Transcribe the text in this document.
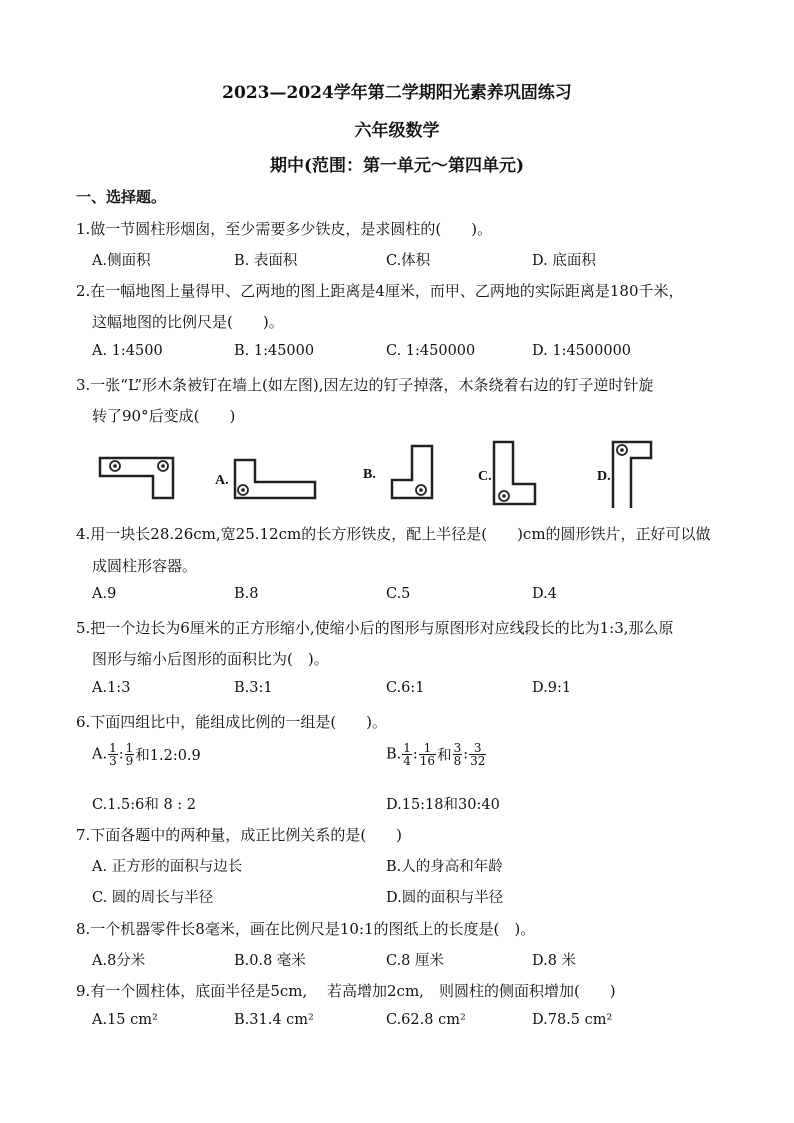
2023—2024学年第二学期阳光素养巩固练习
六年级数学
期中(范围：第一单元～第四单元)
一、选择题。
1.做一节圆柱形烟囱，至少需要多少铁皮，是求圆柱的(　　)。
A.侧面积	B. 表面积	C.体积	D. 底面积
2.在一幅地图上量得甲、乙两地的图上距离是4厘米，而甲、乙两地的实际距离是180千米，
这幅地图的比例尺是(　　)。
A. 1:4500	B. 1:45000	C. 1:450000	D. 1:4500000
3.一张“L”形木条被钉在墙上(如左图),因左边的钉子掉落，木条绕着右边的钉子逆时针旋
转了90°后变成(　　)
A.	B.	C.	D.
4.用一块长28.26cm,宽25.12cm的长方形铁皮，配上半径是(　　)cm的圆形铁片，正好可以做
成圆柱形容器。
A.9	B.8	C.5	D.4
5.把一个边长为6厘米的正方形缩小,使缩小后的图形与原图形对应线段长的比为1:3,那么原
图形与缩小后图形的面积比为(　)。
A.1:3	B.3:1	C.6:1	D.9:1
6.下面四组比中，能组成比例的一组是(　　)。
A. $\frac{1}{3}$ : $\frac{1}{9}$ 和1.2:0.9	B. $\frac{1}{4}$ : $\frac{1}{16}$ 和 $\frac{3}{8}$ : $\frac{3}{32}$
C.1.5:6和 8 : 2	D.15:18和30:40
7.下面各题中的两种量，成正比例关系的是(　　)
A. 正方形的面积与边长	B.人的身高和年龄
C. 圆的周长与半径	D.圆的面积与半径
8.一个机器零件长8毫米，画在比例尺是10:1的图纸上的长度是(　)。
A.8分米	B.0.8 毫米	C.8 厘米	D.8 米
9.有一个圆柱体，底面半径是5cm,　 若高增加2cm,　则圆柱的侧面积增加(　　)
A.15 cm²	B.31.4 cm²	C.62.8 cm²	D.78.5 cm²
